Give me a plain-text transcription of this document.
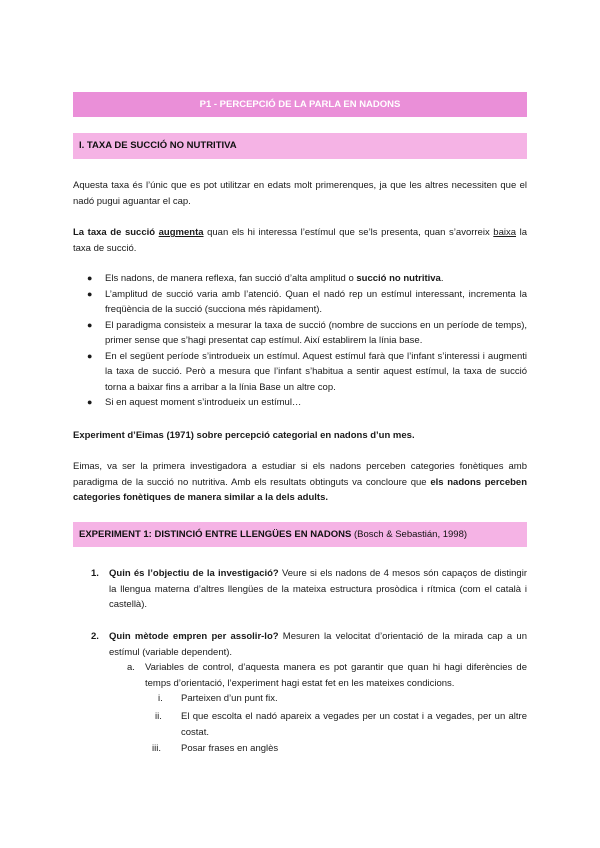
P1 - PERCEPCIÓ DE LA PARLA EN NADONS
I. TAXA DE SUCCIÓ NO NUTRITIVA

Aquesta taxa és l’únic que es pot utilitzar en edats molt primerenques, ja que les altres necessiten que el nadó pugui aguantar el cap.

La taxa de succió augmenta quan els hi interessa l’estímul que se’ls presenta, quan s’avorreix baixa la taxa de succió.

● Els nadons, de manera reflexa, fan succió d’alta amplitud o succió no nutritiva.
● L’amplitud de succió varia amb l’atenció. Quan el nadó rep un estímul interessant, incrementa la freqüència de la succió (succiona més ràpidament).
● El paradigma consisteix a mesurar la taxa de succió (nombre de succions en un període de temps), primer sense que s’hagi presentat cap estímul. Així establirem la línia base.
● En el següent període s’introdueix un estímul. Aquest estímul farà que l’infant s’interessi i augmenti la taxa de succió. Però a mesura que l’infant s’habitua a sentir aquest estímul, la taxa de succió torna a baixar fins a arribar a la línia Base un altre cop.
● Si en aquest moment s’introdueix un estímul…

Experiment d’Eimas (1971) sobre percepció categorial en nadons d’un mes.

Eimas, va ser la primera investigadora a estudiar si els nadons perceben categories fonètiques amb paradigma de la succió no nutritiva. Amb els resultats obtinguts va concloure que els nadons perceben categories fonètiques de manera similar a la dels adults.

EXPERIMENT 1: DISTINCIÓ ENTRE LLENGÜES EN NADONS (Bosch & Sebastián, 1998)
1. Quin és l’objectiu de la investigació? Veure si els nadons de 4 mesos són capaços de distingir la llengua materna d’altres llengües de la mateixa estructura prosòdica i rítmica (com el català i castellà).

2. Quin mètode empren per assolir-lo? Mesuren la velocitat d’orientació de la mirada cap a un estímul (variable dependent).

a. Variables de control, d’aquesta manera es pot garantir que quan hi hagi diferències de temps d’orientació, l’experiment hagi estat fet en les mateixes condicions.

i. Parteixen d’un punt fix.

ii. El que escolta el nadó apareix a vegades per un costat i a vegades, per un altre costat.

iii. Posar frases en anglès
